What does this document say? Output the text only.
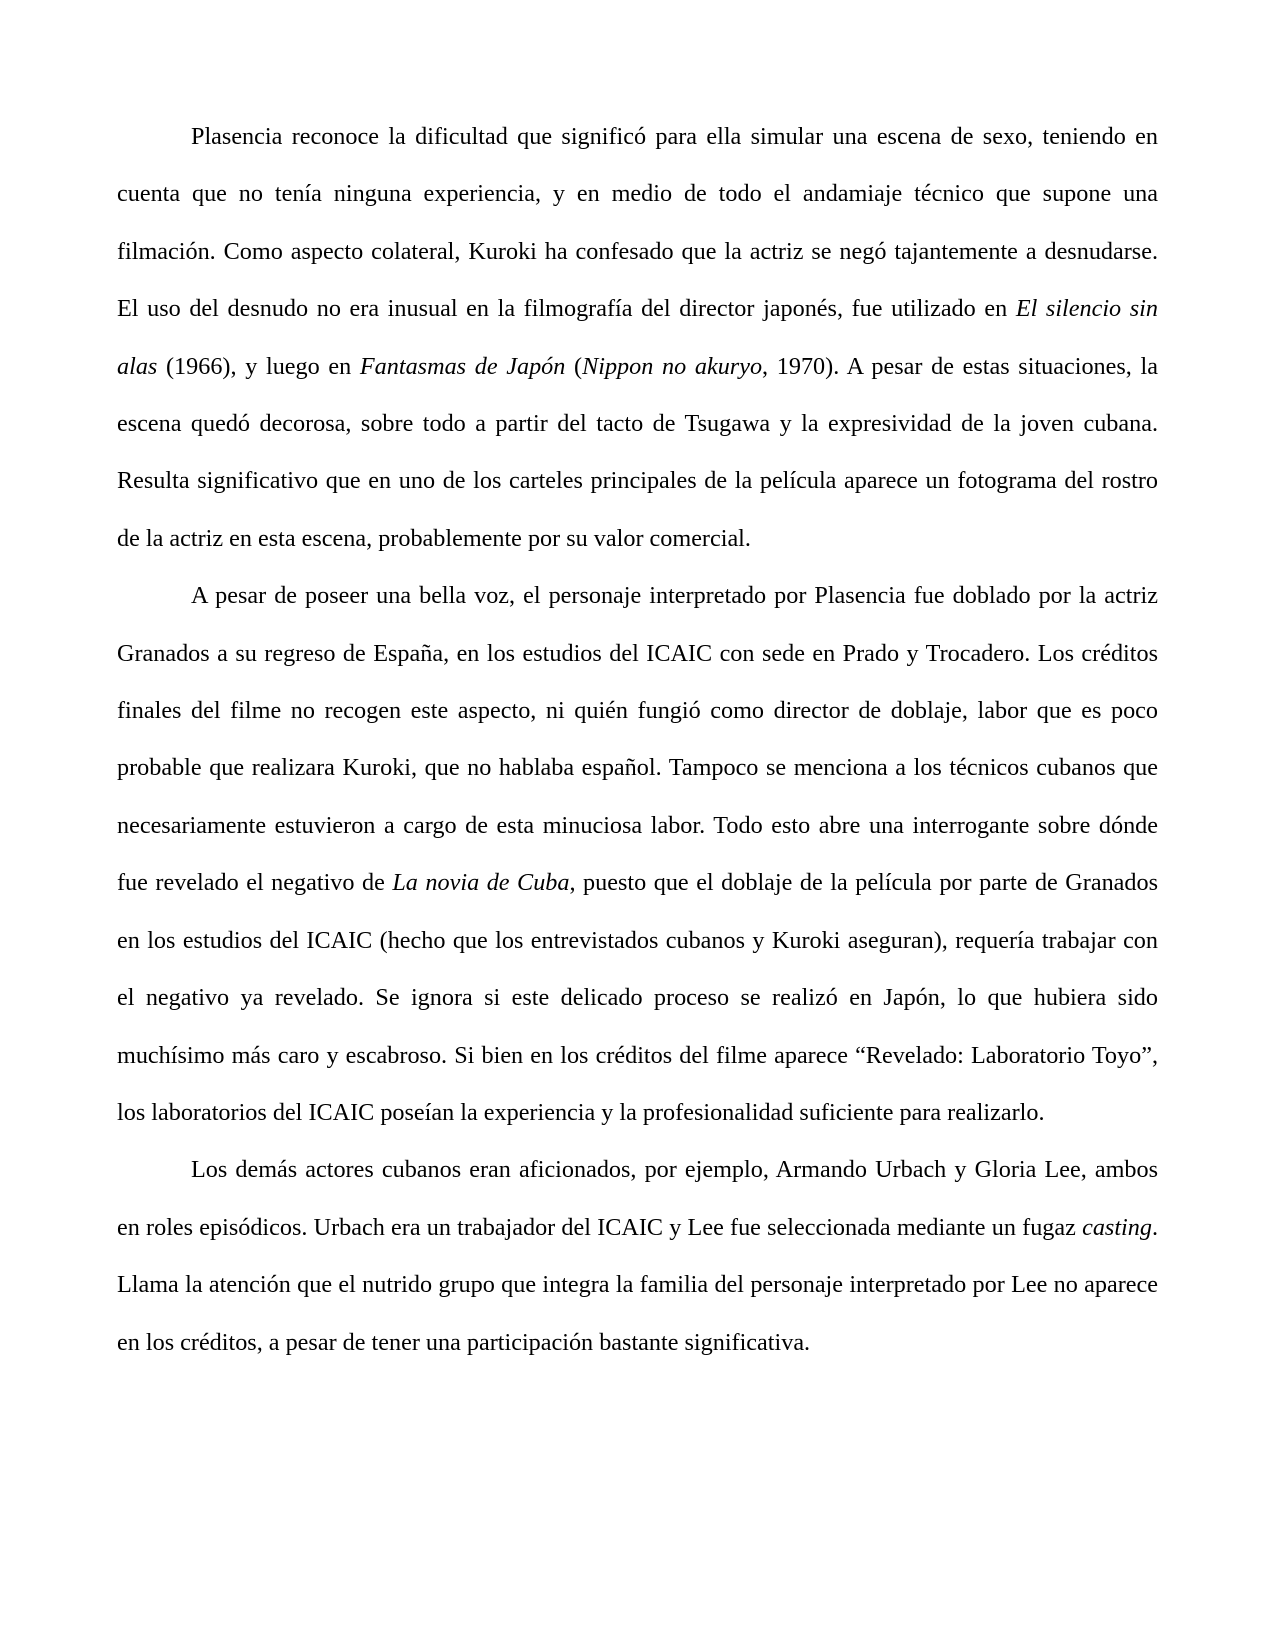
Plasencia reconoce la dificultad que significó para ella simular una escena de sexo, teniendo en cuenta que no tenía ninguna experiencia, y en medio de todo el andamiaje técnico que supone una filmación. Como aspecto colateral, Kuroki ha confesado que la actriz se negó tajantemente a desnudarse. El uso del desnudo no era inusual en la filmografía del director japonés, fue utilizado en El silencio sin alas (1966), y luego en Fantasmas de Japón (Nippon no akuryo, 1970). A pesar de estas situaciones, la escena quedó decorosa, sobre todo a partir del tacto de Tsugawa y la expresividad de la joven cubana. Resulta significativo que en uno de los carteles principales de la película aparece un fotograma del rostro de la actriz en esta escena, probablemente por su valor comercial.

A pesar de poseer una bella voz, el personaje interpretado por Plasencia fue doblado por la actriz Granados a su regreso de España, en los estudios del ICAIC con sede en Prado y Trocadero. Los créditos finales del filme no recogen este aspecto, ni quién fungió como director de doblaje, labor que es poco probable que realizara Kuroki, que no hablaba español. Tampoco se menciona a los técnicos cubanos que necesariamente estuvieron a cargo de esta minuciosa labor. Todo esto abre una interrogante sobre dónde fue revelado el negativo de La novia de Cuba, puesto que el doblaje de la película por parte de Granados en los estudios del ICAIC (hecho que los entrevistados cubanos y Kuroki aseguran), requería trabajar con el negativo ya revelado. Se ignora si este delicado proceso se realizó en Japón, lo que hubiera sido muchísimo más caro y escabroso. Si bien en los créditos del filme aparece “Revelado: Laboratorio Toyo”, los laboratorios del ICAIC poseían la experiencia y la profesionalidad suficiente para realizarlo.

Los demás actores cubanos eran aficionados, por ejemplo, Armando Urbach y Gloria Lee, ambos en roles episódicos. Urbach era un trabajador del ICAIC y Lee fue seleccionada mediante un fugaz casting. Llama la atención que el nutrido grupo que integra la familia del personaje interpretado por Lee no aparece en los créditos, a pesar de tener una participación bastante significativa.
